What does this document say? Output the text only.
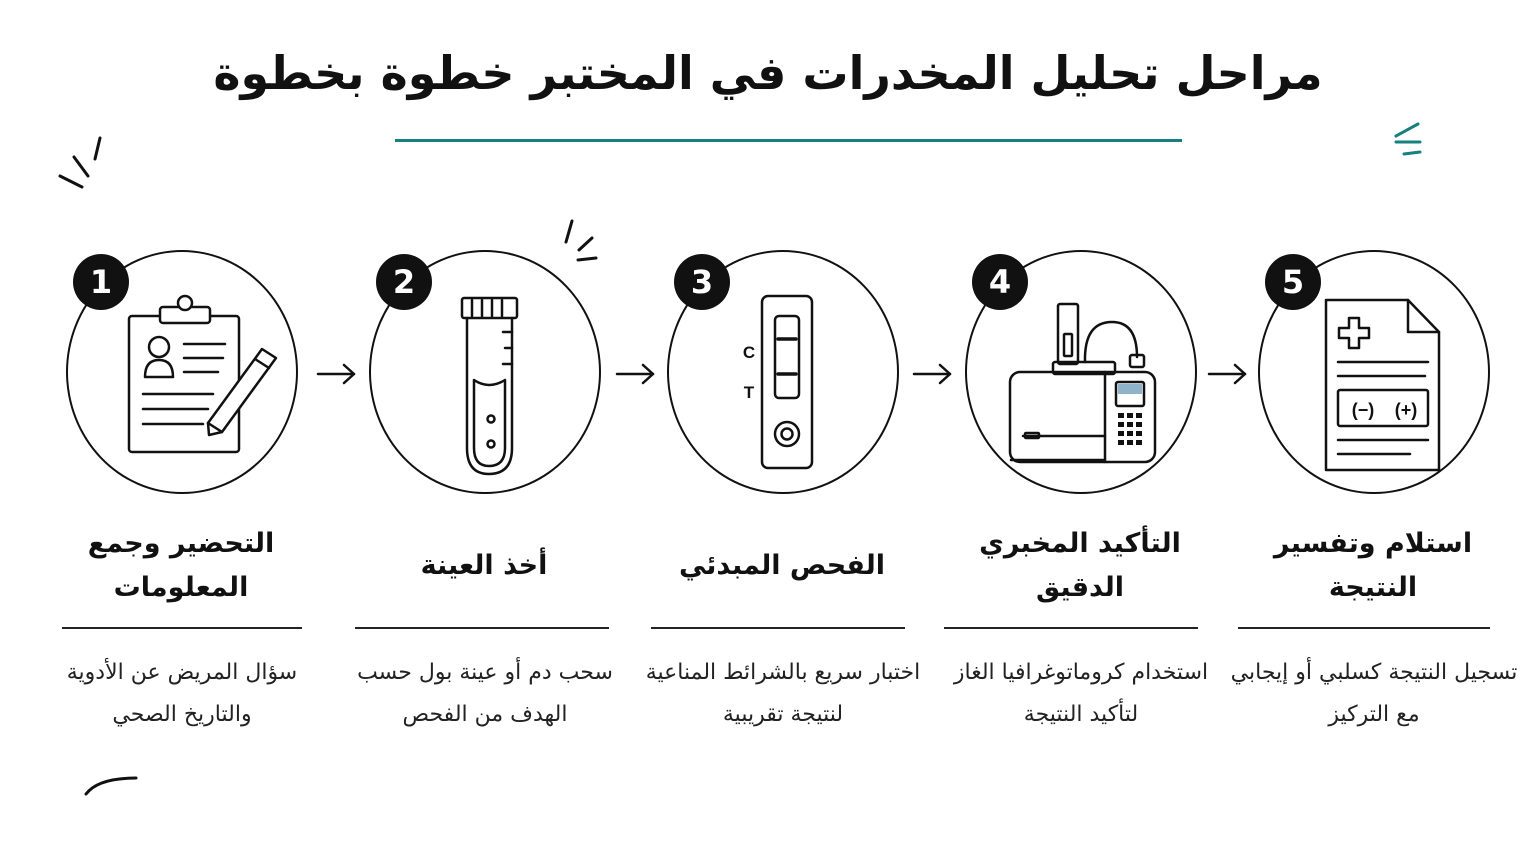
مراحل تحليل المخدرات في المختبر خطوة بخطوة
1
التحضير وجمع المعلومات

سؤال المريض عن الأدوية والتاريخ الصحي

2
أخذ العينة

سحب دم أو عينة بول حسب الهدف من الفحص

C
T
3
الفحص المبدئي

اختبار سريع بالشرائط المناعية لنتيجة تقريبية

4
التأكيد المخبري الدقيق

استخدام كروماتوغرافيا الغاز لتأكيد النتيجة

(−) (+)
5
استلام وتفسير النتيجة

تسجيل النتيجة كسلبي أو إيجابي مع التركيز
